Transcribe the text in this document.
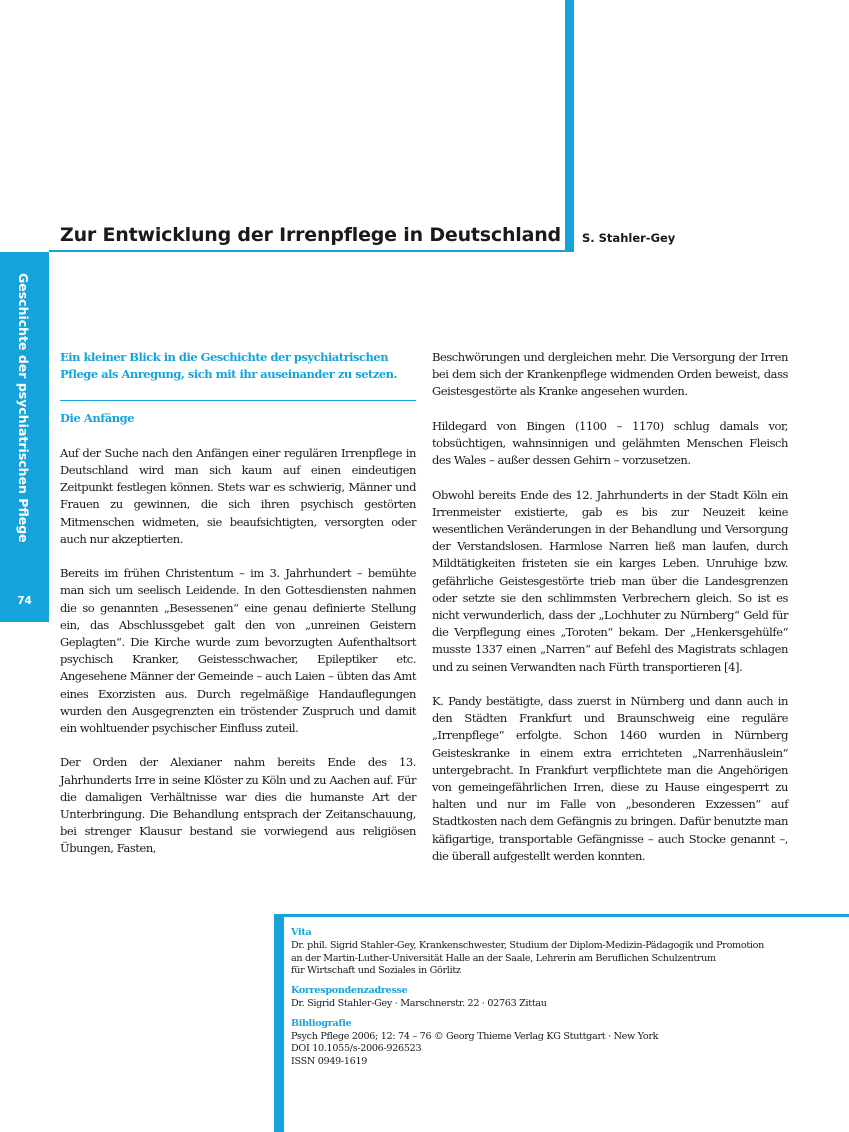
Zur Entwicklung der Irrenpflege in Deutschland S. Stahler-Gey
Geschichte der psychiatrischen Pflege
74

Ein kleiner Blick in die Geschichte der psychiatrischen Pflege als Anregung, sich mit ihr auseinander zu setzen.

Die Anfänge

Auf der Suche nach den Anfängen einer regulären Irrenpflege in Deutschland wird man sich kaum auf einen eindeutigen Zeitpunkt festlegen können. Stets war es schwierig, Männer und Frauen zu gewinnen, die sich ihren psychisch gestörten Mitmenschen widmeten, sie beaufsichtigten, versorgten oder auch nur akzeptierten.

Bereits im frühen Christentum – im 3. Jahrhundert – bemühte man sich um seelisch Leidende. In den Gottesdiensten nahmen die so genannten „Besessenen“ eine genau definierte Stellung ein, das Abschlussgebet galt den von „unreinen Geistern Geplagten“. Die Kirche wurde zum bevorzugten Aufenthaltsort psychisch Kranker, Geistesschwacher, Epileptiker etc. Angesehene Männer der Gemeinde – auch Laien – übten das Amt eines Exorzisten aus. Durch regelmäßige Handauflegungen wurden den Ausgegrenzten ein tröstender Zuspruch und damit ein wohltuender psychischer Einfluss zuteil.

Der Orden der Alexianer nahm bereits Ende des 13. Jahrhunderts Irre in seine Klöster zu Köln und zu Aachen auf. Für die damaligen Verhältnisse war dies die humanste Art der Unterbringung. Die Behandlung entsprach der Zeitanschauung, bei strenger Klausur bestand sie vorwiegend aus religiösen Übungen, Fasten,

Beschwörungen und dergleichen mehr. Die Versorgung der Irren bei dem sich der Krankenpflege widmenden Orden beweist, dass Geistesgestörte als Kranke angesehen wurden.

Hildegard von Bingen (1100 – 1170) schlug damals vor, tobsüchtigen, wahnsinnigen und gelähmten Menschen Fleisch des Wales – außer dessen Gehirn – vorzusetzen.

Obwohl bereits Ende des 12. Jahrhunderts in der Stadt Köln ein Irrenmeister existierte, gab es bis zur Neuzeit keine wesentlichen Veränderungen in der Behandlung und Versorgung der Verstandslosen. Harmlose Narren ließ man laufen, durch Mildtätigkeiten fristeten sie ein karges Leben. Unruhige bzw. gefährliche Geistesgestörte trieb man über die Landesgrenzen oder setzte sie den schlimmsten Verbrechern gleich. So ist es nicht verwunderlich, dass der „Lochhuter zu Nürnberg“ Geld für die Verpflegung eines „Toroten“ bekam. Der „Henkersgehülfe“ musste 1337 einen „Narren“ auf Befehl des Magistrats schlagen und zu seinen Verwandten nach Fürth transportieren [4].

K. Pandy bestätigte, dass zuerst in Nürnberg und dann auch in den Städten Frankfurt und Braunschweig eine reguläre „Irrenpflege“ erfolgte. Schon 1460 wurden in Nürnberg Geisteskranke in einem extra errichteten „Narrenhäuslein“ untergebracht. In Frankfurt verpflichtete man die Angehörigen von gemeingefährlichen Irren, diese zu Hause eingesperrt zu halten und nur im Falle von „besonderen Exzessen“ auf Stadtkosten nach dem Gefängnis zu bringen. Dafür benutzte man käfigartige, transportable Gefängnisse – auch Stocke genannt –, die überall aufgestellt werden konnten.

Vita
Dr. phil. Sigrid Stahler-Gey, Krankenschwester, Studium der Diplom-Medizin-Pädagogik und Promotion
an der Martin-Luther-Universität Halle an der Saale, Lehrerin am Beruflichen Schulzentrum
für Wirtschaft und Soziales in Görlitz
Korrespondenzadresse
Dr. Sigrid Stahler-Gey · Marschnerstr. 22 · 02763 Zittau
Bibliografie
Psych Pflege 2006; 12: 74 – 76 © Georg Thieme Verlag KG Stuttgart · New York
DOI 10.1055/s-2006-926523
ISSN 0949-1619
